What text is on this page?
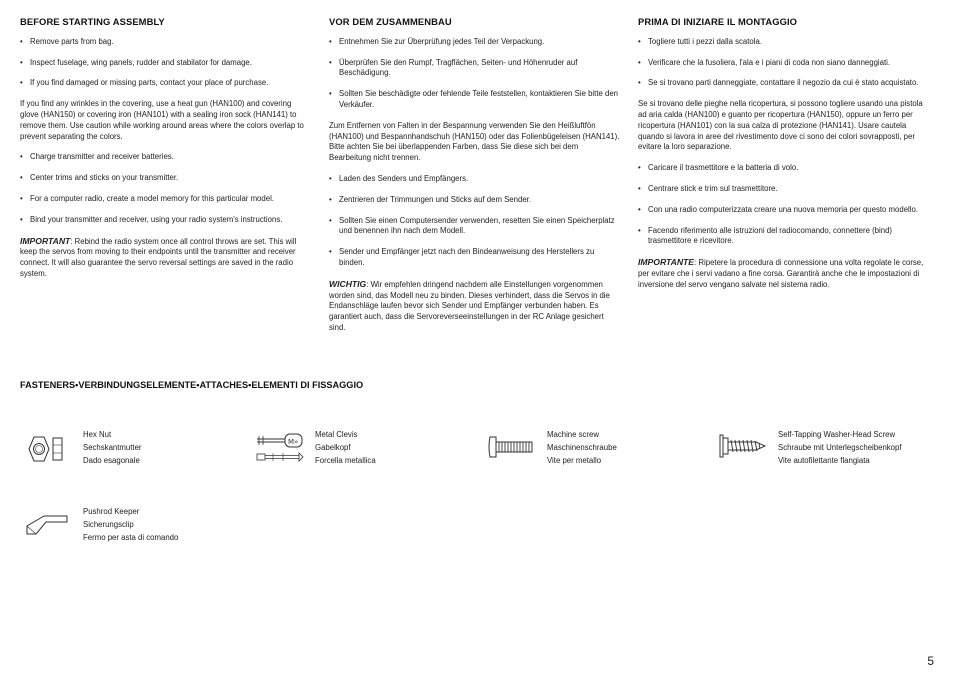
BEFORE STARTING ASSEMBLY
• Remove parts from bag.
• Inspect fuselage, wing panels, rudder and stabilator for damage.
• If you find damaged or missing parts, contact your place of purchase.
If you find any wrinkles in the covering, use a heat gun (HAN100) and covering glove (HAN150) or covering iron (HAN101) with a sealing iron sock (HAN141) to remove them. Use caution while working around areas where the colors overlap to prevent separating the colors.
• Charge transmitter and receiver batteries.
• Center trims and sticks on your transmitter.
• For a computer radio, create a model memory for this particular model.
• Bind your transmitter and receiver, using your radio system's instructions.
IMPORTANT: Rebind the radio system once all control throws are set. This will keep the servos from moving to their endpoints until the transmitter and receiver connect. It will also guarantee the servo reversal settings are saved in the radio system.
VOR DEM ZUSAMMENBAU
• Entnehmen Sie zur Überprüfung jedes Teil der Verpackung.
• Überprüfen Sie den Rumpf, Tragflächen, Seiten- und Höhenruder auf Beschädigung.
• Sollten Sie beschädigte oder fehlende Teile feststellen, kontaktieren Sie bitte den Verkäufer.
Zum Entfernen von Falten in der Bespannung verwenden Sie den Heißluftfön (HAN100) und Bespannhandschuh (HAN150) oder das Folienbügeleisen (HAN141). Bitte achten Sie bei überlappenden Farben, dass Sie diese sich bei dem Bearbeitung nicht trennen.
• Laden des Senders und Empfängers.
• Zentrieren der Trimmungen und Sticks auf dem Sender.
• Sollten Sie einen Computersender verwenden, resetten Sie einen Speicherplatz und benennen ihn nach dem Modell.
• Sender und Empfänger jetzt nach den Bindeanweisung des Herstellers zu binden.
WICHTIG: Wir empfehlen dringend nachdem alle Einstellungen vorgenommen worden sind, das Modell neu zu binden. Dieses verhindert, dass die Servos in die Endanschläge laufen bevor sich Sender und Empfänger verbunden haben. Es garantiert auch, dass die Servoreverseeinstellungen in der RC Anlage gesichert sind.
PRIMA DI INIZIARE IL MONTAGGIO
• Togliere tutti i pezzi dalla scatola.
• Verificare che la fusoliera, l'ala e i piani di coda non siano danneggiati.
• Se si trovano parti danneggiate, contattare il negozio da cui è stato acquistato.
Se si trovano delle pieghe nella ricopertura, si possono togliere usando una pistola ad aria calda (HAN100) e guanto per ricopertura (HAN150), oppure un ferro per ricopertura (HAN101) con la sua calza di protezione (HAN141). Usare cautela quando si lavora in aree del rivestimento dove ci sono dei colori sovrapposti, per evitare la loro separazione.
• Caricare il trasmettitore e la batteria di volo.
• Centrare stick e trim sul trasmettitore.
• Con una radio computerizzata creare una nuova memoria per questo modello.
• Facendo riferimento alle istruzioni del radiocomando, connettere (bind) trasmettitore e ricevitore.
IMPORTANTE: Ripetere la procedura di connessione una volta regolate le corse, per evitare che i servi vadano a fine corsa. Garantirà anche che le impostazioni di inversione del servo vengano salvate nel sistema radio.
FASTENERS•VERBINDUNGSELEMENTE•ATTACHES•ELEMENTI DI FISSAGGIO
Hex Nut
Sechskantmutter
Dado esagonale
M»
Metal Clevis
Gabelkopf
Forcella metallica
Machine screw
Maschinenschraube
Vite per metallo
Self-Tapping Washer-Head Screw
Schraube mit Unterlegscheibenkopf
Vite autofilettante flangiata
Pushrod Keeper
Sicherungsclip
Fermo per asta di comando
5
